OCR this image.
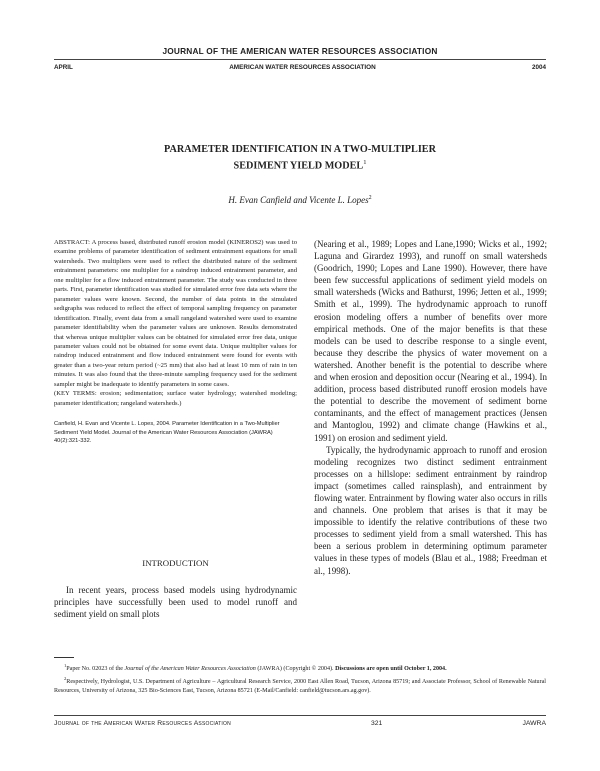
JOURNAL OF THE AMERICAN WATER RESOURCES ASSOCIATION
APRIL	AMERICAN WATER RESOURCES ASSOCIATION	2004
PARAMETER IDENTIFICATION IN A TWO-MULTIPLIER
SEDIMENT YIELD MODEL$^1$
H. Evan Canfield and Vicente L. Lopes$^2$

ABSTRACT: A process based, distributed runoff erosion model (KINEROS2) was used to examine problems of parameter identification of sediment entrainment equations for small watersheds. Two multipliers were used to reflect the distributed nature of the sediment entrainment parameters: one multiplier for a raindrop induced entrainment parameter, and one multiplier for a flow induced entrainment parameter. The study was conducted in three parts. First, parameter identification was studied for simulated error free data sets where the parameter values were known. Second, the number of data points in the simulated sedigraphs was reduced to reflect the effect of temporal sampling frequency on parameter identification. Finally, event data from a small rangeland watershed were used to examine parameter identifiability when the parameter values are unknown. Results demonstrated that whereas unique multiplier values can be obtained for simulated error free data, unique parameter values could not be obtained for some event data. Unique multiplier values for raindrop induced entrainment and flow induced entrainment were found for events with greater than a two-year return period (~25 mm) that also had at least 10 mm of rain in ten minutes. It was also found that the three-minute sampling frequency used for the sediment sampler might be inadequate to identify parameters in some cases.

(KEY TERMS: erosion; sedimentation; surface water hydrology; watershed modeling; parameter identification; rangeland watersheds.)

Canfield, H. Evan and Vicente L. Lopes, 2004. Parameter Identification in a Two-Multiplier Sediment Yield Model. Journal of the American Water Resources Association (JAWRA) 40(2):321-332.
INTRODUCTION

In recent years, process based models using hydrodynamic principles have successfully been used to model runoff and sediment yield on small plots

(Nearing et al., 1989; Lopes and Lane,1990; Wicks et al., 1992; Laguna and Girardez 1993), and runoff on small watersheds (Goodrich, 1990; Lopes and Lane 1990). However, there have been few successful applications of sediment yield models on small watersheds (Wicks and Bathurst, 1996; Jetten et al., 1999; Smith et al., 1999). The hydrodynamic approach to runoff erosion modeling offers a number of benefits over more empirical methods. One of the major benefits is that these models can be used to describe response to a single event, because they describe the physics of water movement on a watershed. Another benefit is the potential to describe where and when erosion and deposition occur (Nearing et al., 1994). In addition, process based distributed runoff erosion models have the potential to describe the movement of sediment borne contaminants, and the effect of management practices (Jensen and Mantoglou, 1992) and climate change (Hawkins et al., 1991) on erosion and sediment yield.

Typically, the hydrodynamic approach to runoff and erosion modeling recognizes two distinct sediment entrainment processes on a hillslope: sediment entrainment by raindrop impact (sometimes called rainsplash), and entrainment by flowing water. Entrainment by flowing water also occurs in rills and channels. One problem that arises is that it may be impossible to identify the relative contributions of these two processes to sediment yield from a small watershed. This has been a serious problem in determining optimum parameter values in these types of models (Blau et al., 1988; Freedman et al., 1998).

$^1$Paper No. 02023 of the Journal of the American Water Resources Association (JAWRA) (Copyright © 2004). Discussions are open until October 1, 2004.

$^2$Respectively, Hydrologist, U.S. Department of Agriculture – Agricultural Research Service, 2000 East Allen Road, Tucson, Arizona 85719; and Associate Professor, School of Renewable Natural Resources, University of Arizona, 325 Bio-Sciences East, Tucson, Arizona 85721 (E-Mail/Canfield: canfield@tucson.ars.ag.gov).

Journal of the American Water Resources Association	321	JAWRA
